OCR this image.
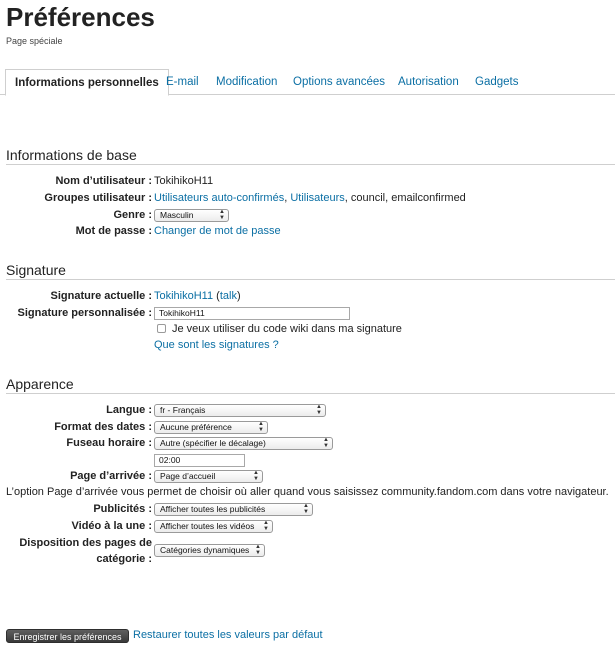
Préférences
Page spéciale
Informations personnelles E-mail	Modification	Options avancées	Autorisation	Gadgets
Informations de base
Nom d’utilisateur : TokihikoH11
Groupes utilisateur : Utilisateurs auto-confirmés, Utilisateurs, council, emailconfirmed
Genre : Masculin	▲
▼
Mot de passe : Changer de mot de passe
Signature
Signature actuelle : TokihikoH11 (talk)
Signature personnalisée : TokihikoH11
Je veux utiliser du code wiki dans ma signature
Que sont les signatures ?
Apparence
Langue : fr - Français	▲
▼
Format des dates : Aucune préférence	▲
▼
Fuseau horaire : Autre (spécifier le décalage)	▲
▼
02:00
Page d’arrivée : Page d’accueil	▲
▼
L’option Page d’arrivée vous permet de choisir où aller quand vous saisissez community.fandom.com dans votre navigateur.
Publicités : Afficher toutes les publicités	▲
▼
Vidéo à la une : Afficher toutes les vidéos ▲
▼
Disposition des pages de
catégorie :
Catégories dynamiques ▲
▼
Enregistrer les préférences	Restaurer toutes les valeurs par défaut
